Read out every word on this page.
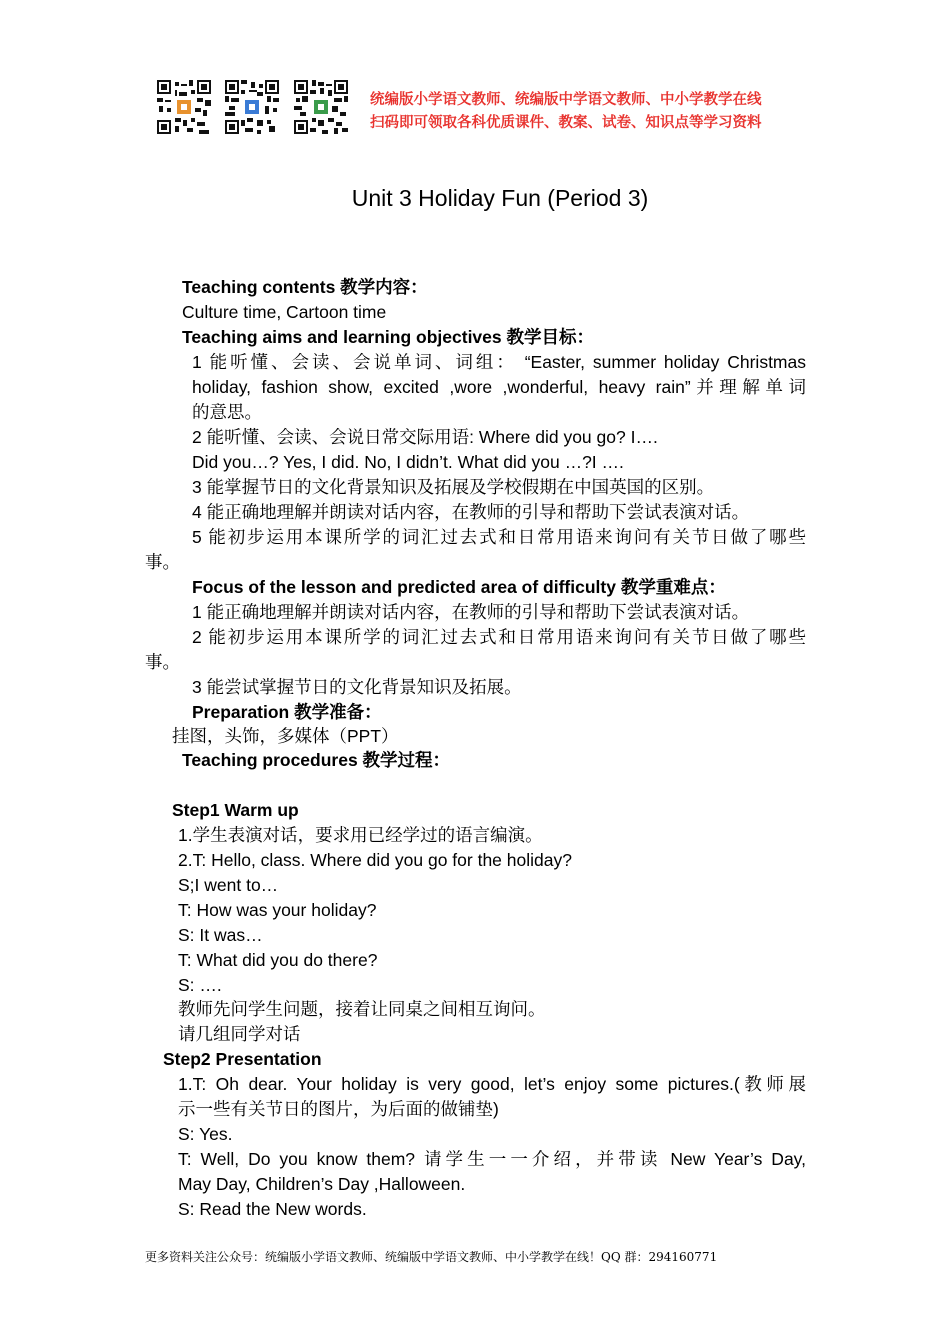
统编版小学语文教师、统编版中学语文教师、中小学教学在线
扫码即可领取各科优质课件、教案、试卷、知识点等学习资料
Unit 3 Holiday Fun (Period 3)
Teaching contents 教学内容：
Culture time, Cartoon time
Teaching aims and learning objectives 教学目标：
1 能听懂、会读、会说单词、词组： “Easter, summer holiday Christmas
holiday, fashion show, excited ,wore ,wonderful, heavy rain”并理解单词
的意思。
2 能听懂、会读、会说日常交际用语: Where did you go? I….
Did you…? Yes, I did. No, I didn’t. What did you …?I ….
3 能掌握节日的文化背景知识及拓展及学校假期在中国英国的区别。
4 能正确地理解并朗读对话内容，在教师的引导和帮助下尝试表演对话。
5 能初步运用本课所学的词汇过去式和日常用语来询问有关节日做了哪些
事。
Focus of the lesson and predicted area of difficulty 教学重难点：
1 能正确地理解并朗读对话内容，在教师的引导和帮助下尝试表演对话。
2 能初步运用本课所学的词汇过去式和日常用语来询问有关节日做了哪些
事。
3 能尝试掌握节日的文化背景知识及拓展。
Preparation 教学准备：
挂图，头饰，多媒体（PPT）
Teaching procedures 教学过程：
Step1 Warm up
1.学生表演对话，要求用已经学过的语言编演。
2.T: Hello, class. Where did you go for the holiday?
S;I went to…
T: How was your holiday?
S: It was…
T: What did you do there?
S: ….
教师先问学生问题，接着让同桌之间相互询问。
请几组同学对话
Step2 Presentation
1.T: Oh dear. Your holiday is very good, let’s enjoy some pictures.(教师展
示一些有关节日的图片，为后面的做铺垫)
S: Yes.
T: Well, Do you know them? 请学生一一介绍，并带读 New Year’s Day,
May Day, Children’s Day ,Halloween.
S: Read the New words.
更多资料关注公众号：统编版小学语文教师、统编版中学语文教师、中小学教学在线！QQ 群：294160771
